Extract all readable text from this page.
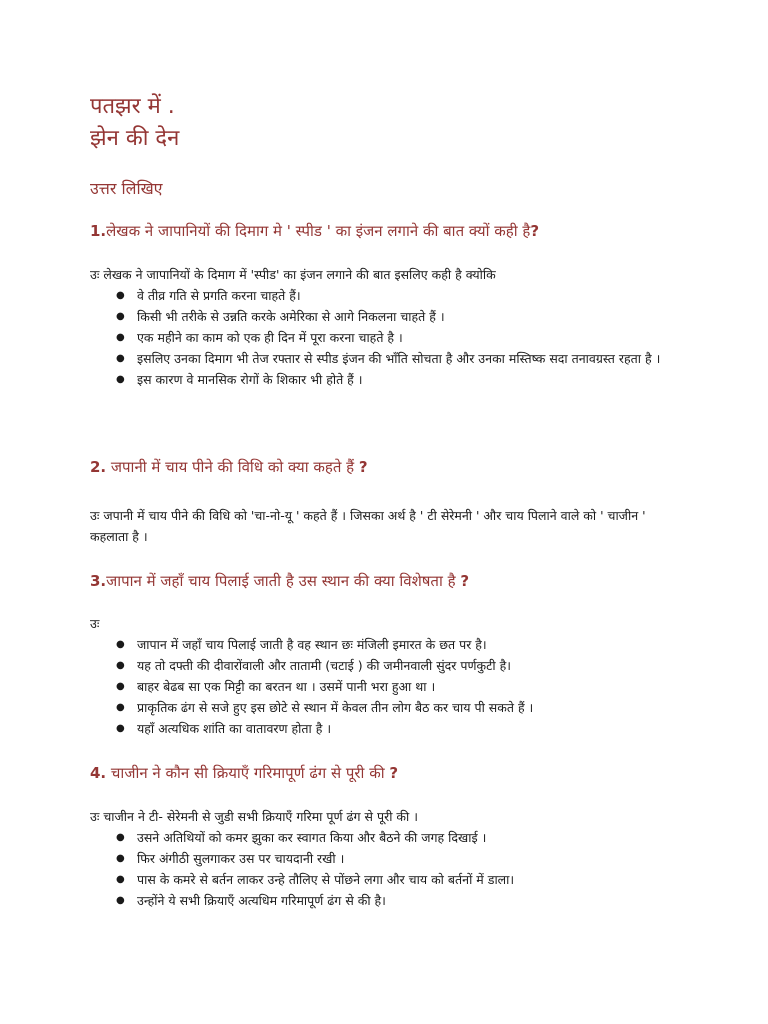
पतझर में .
झेन की देन
उत्तर लिखिए
1.लेखक ने जापानियों की दिमाग मे ' स्पीड ' का इंजन लगाने की बात क्यों कही है?
उः लेखक ने जापानियों के दिमाग में 'स्पीड' का इंजन लगाने की बात इसलिए कही है क्योकि
● वे तीव्र गति से प्रगति करना चाहते हैं।
● किसी भी तरीके से उन्नति करके अमेरिका से आगे निकलना चाहते हैं ।
● एक महीने का काम को एक ही दिन में पूरा करना चाहते है ।
● इसलिए उनका दिमाग भी तेज रफ्तार से स्पीड इंजन की भाँति सोचता है और उनका मस्तिष्क सदा तनावग्रस्त रहता है ।
● इस कारण वे मानसिक रोगों के शिकार भी होते हैं ।
2. जपानी में चाय पीने की विधि को क्या कहते हैं ?
उः जपानी में चाय पीने की विधि को 'चा-नो-यू ' कहते हैं । जिसका अर्थ है ' टी सेरेमनी ' और चाय पिलाने वाले को ' चाजीन ' कहलाता है ।
3.जापान में जहाँ चाय पिलाई जाती है उस स्थान की क्या विशेषता है ?
उः
● जापान में जहाँ चाय पिलाई जाती है वह स्थान छः मंजिली इमारत के छत पर है।
● यह तो दफ्ती की दीवारोंवाली और तातामी (चटाई ) की जमीनवाली सुंदर पर्णकुटी है।
● बाहर बेढब सा एक मिट्टी का बरतन था । उसमें पानी भरा हुआ था ।
● प्राकृतिक ढंग से सजे हुए इस छोटे से स्थान में केवल तीन लोग बैठ कर चाय पी सकते हैं ।
● यहाँ अत्यधिक शांति का वातावरण होता है ।
4. चाजीन ने कौन सी क्रियाएँ गरिमापूर्ण ढंग से पूरी की ?
उः चाजीन ने टी- सेरेमनी से जुडी सभी क्रियाएँ गरिमा पूर्ण ढंग से पूरी की ।
● उसने अतिथियों को कमर झुका कर स्वागत किया और बैठने की जगह दिखाई ।
● फिर अंगीठी सुलगाकर उस पर चायदानी रखी ।
● पास के कमरे से बर्तन लाकर उन्हे तौलिए से पोंछने लगा और चाय को बर्तनों में डाला।
● उन्होंने ये सभी क्रियाएँ अत्यधिम गरिमापूर्ण ढंग से की है।
